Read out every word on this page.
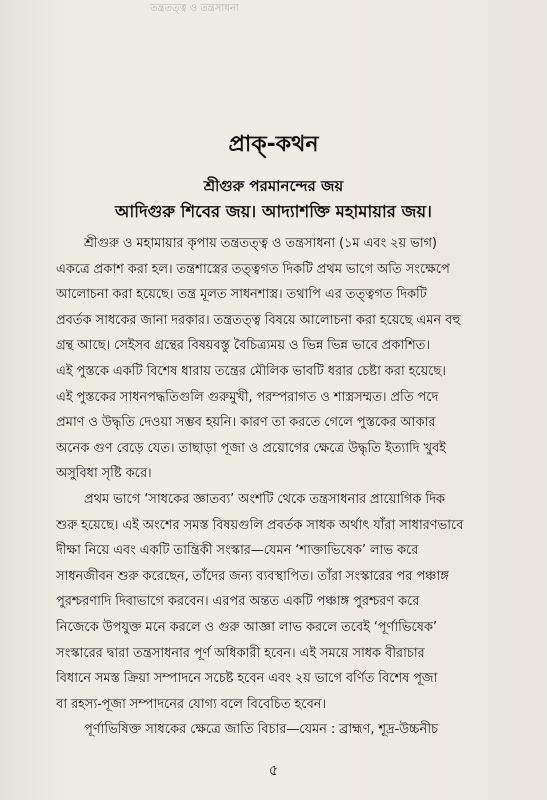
তন্ত্রতত্ত্ব ও তন্ত্রসাধনা
প্রাক্‌-কথন
শ্রীগুরু পরমানন্দের জয়
আদিগুরু শিবের জয়। আদ্যাশক্তি মহামায়ার জয়।
শ্রীগুরু ও মহামায়ার কৃপায় তন্ত্রতত্ত্ব ও তন্ত্রসাধনা (১ম এবং ২য় ভাগ)
একত্রে প্রকাশ করা হল। তন্ত্রশাস্ত্রের তত্ত্বগত দিকটি প্রথম ভাগে অতি সংক্ষেপে
আলোচনা করা হয়েছে। তন্ত্র মূলত সাধনশাস্ত্র। তথাপি এর তত্ত্বগত দিকটি
প্রবর্তক সাধকের জানা দরকার। তন্ত্রতত্ত্ব বিষয়ে আলোচনা করা হয়েছে এমন বহু
গ্রন্থ আছে। সেইসব গ্রন্থের বিষয়বস্তু বৈচিত্র্যময় ও ভিন্ন ভিন্ন ভাবে প্রকাশিত।
এই পুস্তকে একটি বিশেষ ধারায় তন্ত্রের মৌলিক ভাবটি ধরার চেষ্টা করা হয়েছে।
এই পুস্তকের সাধনপদ্ধতিগুলি গুরুমুখী, পরম্পরাগত ও শাস্ত্রসম্মত। প্রতি পদে
প্রমাণ ও উদ্ধৃতি দেওয়া সম্ভব হয়নি। কারণ তা করতে গেলে পুস্তকের আকার
অনেক গুণ বেড়ে যেত। তাছাড়া পূজা ও প্রয়োগের ক্ষেত্রে উদ্ধৃতি ইত্যাদি খুবই
অসুবিধা সৃষ্টি করে।
প্রথম ভাগে ‘সাধকের জ্ঞাতব্য’ অংশটি থেকে তন্ত্রসাধনার প্রায়োগিক দিক
শুরু হয়েছে। এই অংশের সমস্ত বিষয়গুলি প্রবর্তক সাধক অর্থাৎ যাঁরা সাধারণভাবে
দীক্ষা নিয়ে এবং একটি তান্ত্রিকী সংস্কার—যেমন ‘শাক্তাভিষেক’ লাভ করে
সাধনজীবন শুরু করেছেন, তাঁদের জন্য ব্যবস্থাপিত। তাঁরা সংস্কারের পর পঞ্চাঙ্গ
পুরশ্চরণাদি দিবাভাগে করবেন। এরপর অন্তত একটি পঞ্চাঙ্গ পুরশ্চরণ করে
নিজেকে উপযুক্ত মনে করলে ও গুরু আজ্ঞা লাভ করলে তবেই ‘পূর্ণাভিষেক’
সংস্কারের দ্বারা তন্ত্রসাধনার পূর্ণ অধিকারী হবেন। এই সময়ে সাধক বীরাচার
বিধানে সমস্ত ক্রিয়া সম্পাদনে সচেষ্ট হবেন এবং ২য় ভাগে বর্ণিত বিশেষ পূজা
বা রহস্য-পূজা সম্পাদনের যোগ্য বলে বিবেচিত হবেন।
পূর্ণাভিষিক্ত সাধকের ক্ষেত্রে জাতি বিচার—যেমন : ব্রাহ্মণ, শূদ্র-উচ্চনীচ
৫
